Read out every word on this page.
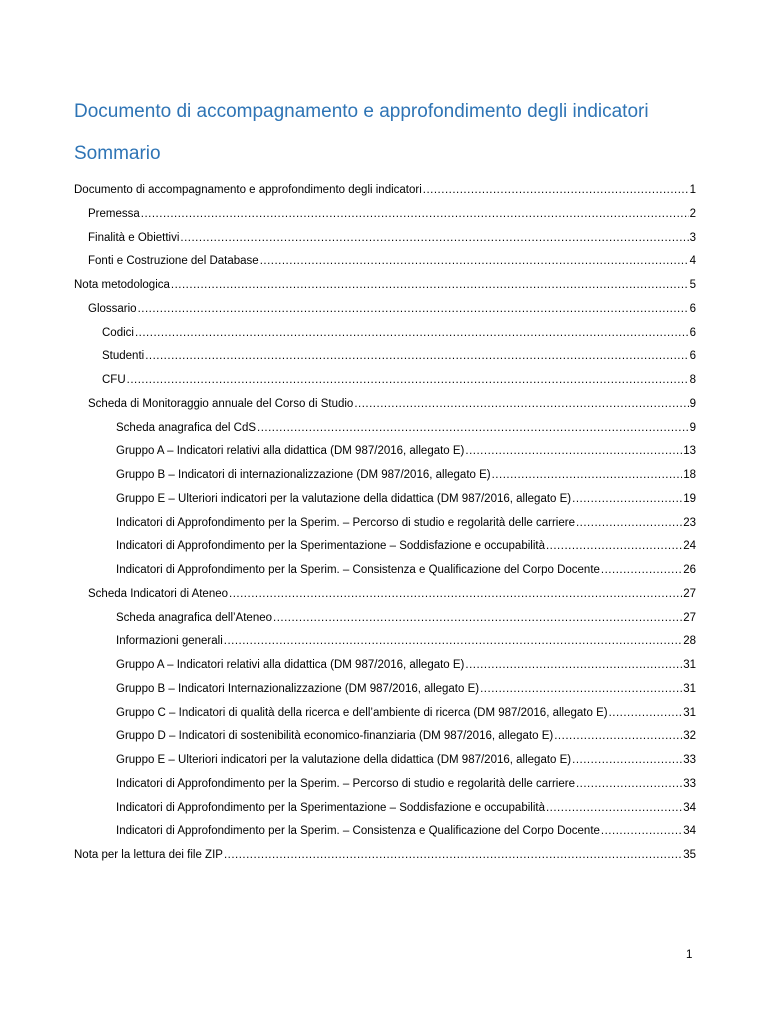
Documento di accompagnamento e approfondimento degli indicatori
Sommario
Documento di accompagnamento e approfondimento degli indicatori .....	1
Premessa .....	2
Finalità e Obiettivi .....	3
Fonti e Costruzione del Database .....	4
Nota metodologica .....	5
Glossario .....	6
Codici .....	6
Studenti .....	6
CFU .....	8
Scheda di Monitoraggio annuale del Corso di Studio .....	9
Scheda anagrafica del CdS .....	9
Gruppo A – Indicatori relativi alla didattica (DM 987/2016, allegato E) .....	13
Gruppo B – Indicatori di internazionalizzazione (DM 987/2016, allegato E) .....	18
Gruppo E – Ulteriori indicatori per la valutazione della didattica (DM 987/2016, allegato E) .....	19
Indicatori di Approfondimento per la Sperim. – Percorso di studio e regolarità delle carriere .....	23
Indicatori di Approfondimento per la Sperimentazione – Soddisfazione e occupabilità .....	24
Indicatori di Approfondimento per la Sperim. – Consistenza e Qualificazione del Corpo Docente .....	26
Scheda Indicatori di Ateneo .....	27
Scheda anagrafica dell’Ateneo .....	27
Informazioni generali .....	28
Gruppo A – Indicatori relativi alla didattica (DM 987/2016, allegato E) .....	31
Gruppo B – Indicatori Internazionalizzazione (DM 987/2016, allegato E) .....	31
Gruppo C – Indicatori di qualità della ricerca e dell’ambiente di ricerca (DM 987/2016, allegato E) .....	31
Gruppo D – Indicatori di sostenibilità economico-finanziaria (DM 987/2016, allegato E) .....	32
Gruppo E – Ulteriori indicatori per la valutazione della didattica (DM 987/2016, allegato E) .....	33
Indicatori di Approfondimento per la Sperim. – Percorso di studio e regolarità delle carriere .....	33
Indicatori di Approfondimento per la Sperimentazione – Soddisfazione e occupabilità .....	34
Indicatori di Approfondimento per la Sperim. – Consistenza e Qualificazione del Corpo Docente .....	34
Nota per la lettura dei file ZIP .....	35
1
